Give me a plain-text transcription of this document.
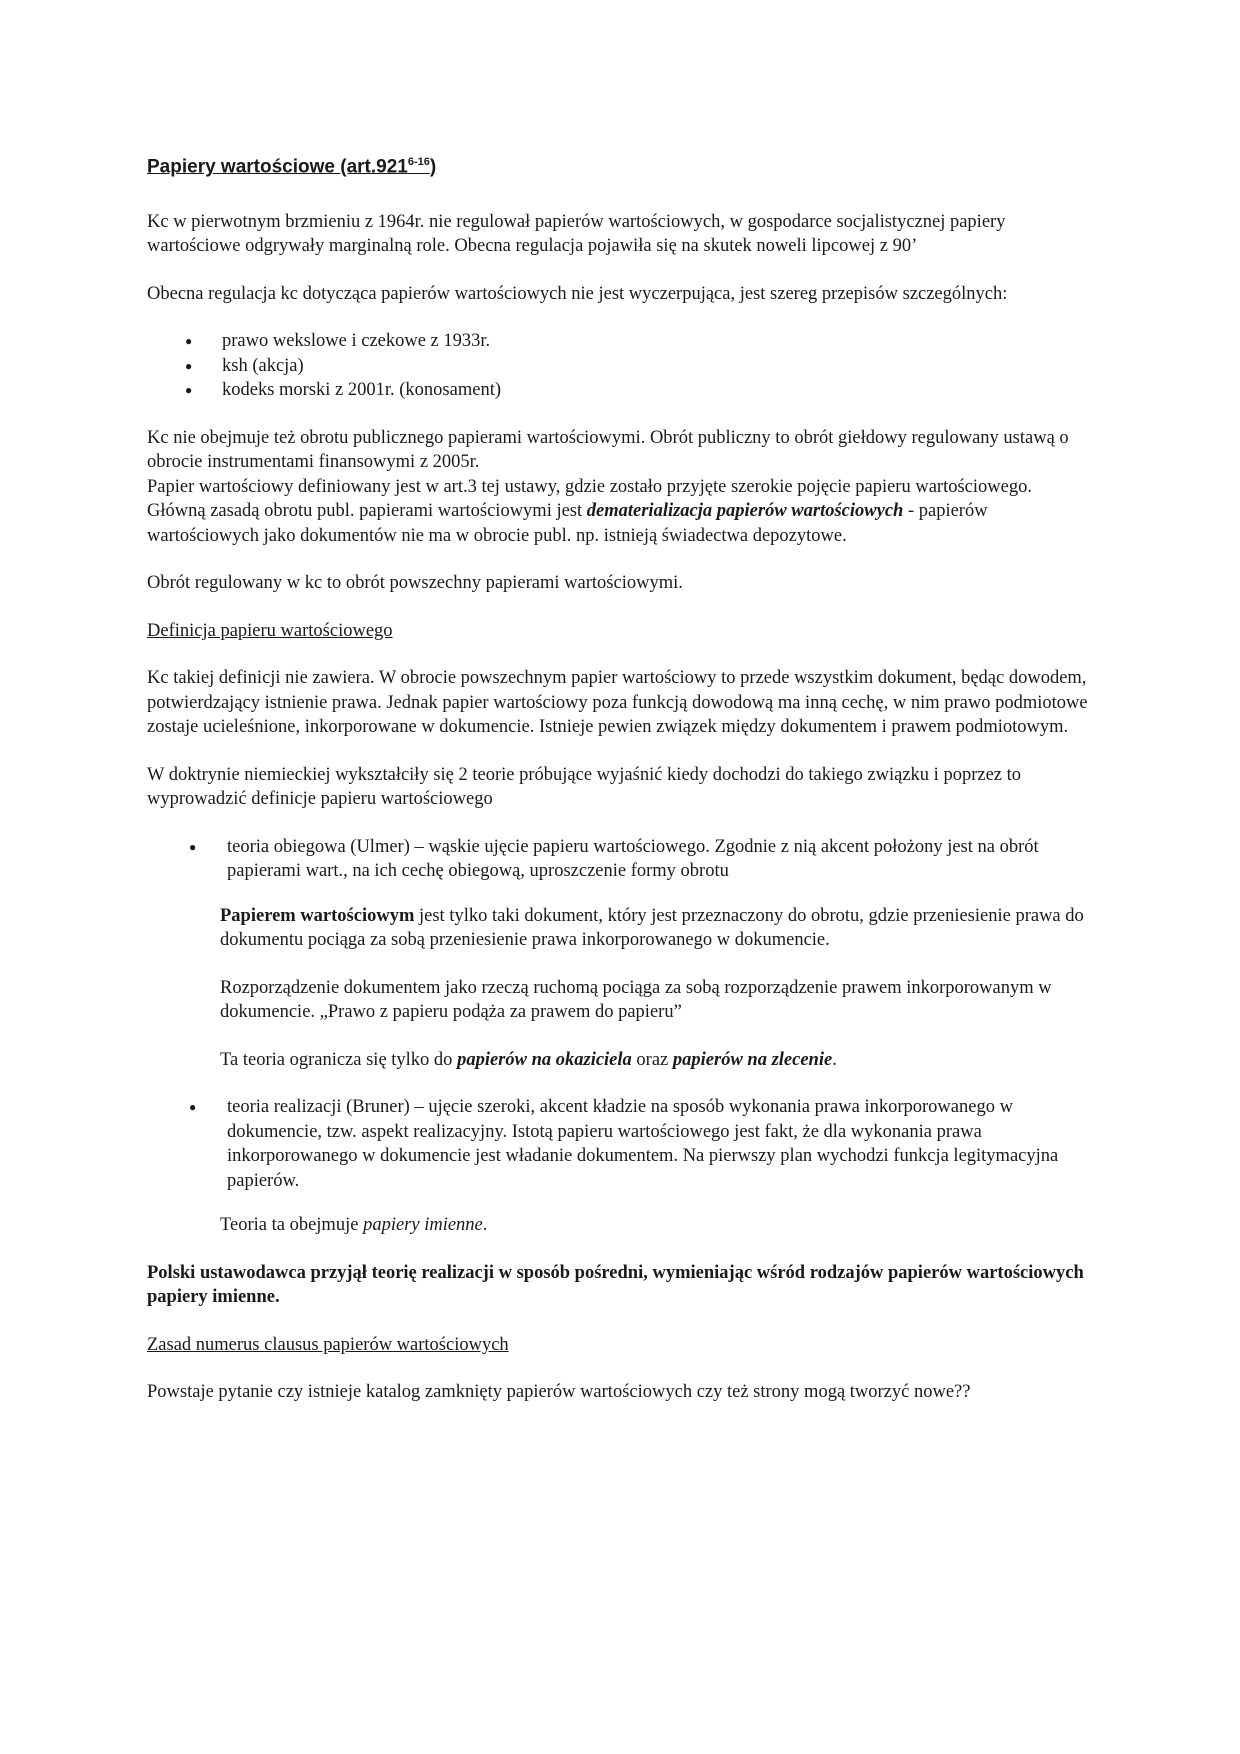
Papiery wartościowe (art.921$^{6-16}$)

Kc w pierwotnym brzmieniu z 1964r. nie regulował papierów wartościowych, w gospodarce socjalistycznej papiery wartościowe odgrywały marginalną role. Obecna regulacja pojawiła się na skutek noweli lipcowej z 90’

Obecna regulacja kc dotycząca papierów wartościowych nie jest wyczerpująca, jest szereg przepisów szczególnych:

● prawo wekslowe i czekowe z 1933r.
● ksh (akcja)
● kodeks morski z 2001r. (konosament)

Kc nie obejmuje też obrotu publicznego papierami wartościowymi. Obrót publiczny to obrót giełdowy regulowany ustawą o obrocie instrumentami finansowymi z 2005r.

Papier wartościowy definiowany jest w art.3 tej ustawy, gdzie zostało przyjęte szerokie pojęcie papieru wartościowego. Główną zasadą obrotu publ. papierami wartościowymi jest dematerializacja papierów wartościowych - papierów wartościowych jako dokumentów nie ma w obrocie publ. np. istnieją świadectwa depozytowe.

Obrót regulowany w kc to obrót powszechny papierami wartościowymi.

Definicja papieru wartościowego

Kc takiej definicji nie zawiera. W obrocie powszechnym papier wartościowy to przede wszystkim dokument, będąc dowodem, potwierdzający istnienie prawa. Jednak papier wartościowy poza funkcją dowodową ma inną cechę, w nim prawo podmiotowe zostaje ucieleśnione, inkorporowane w dokumencie. Istnieje pewien związek między dokumentem i prawem podmiotowym.

W doktrynie niemieckiej wykształciły się 2 teorie próbujące wyjaśnić kiedy dochodzi do takiego związku i poprzez to wyprowadzić definicje papieru wartościowego

● teoria obiegowa (Ulmer) – wąskie ujęcie papieru wartościowego. Zgodnie z nią akcent położony jest na obrót papierami wart., na ich cechę obiegową, uproszczenie formy obrotu

Papierem wartościowym jest tylko taki dokument, który jest przeznaczony do obrotu, gdzie przeniesienie prawa do dokumentu pociąga za sobą przeniesienie prawa inkorporowanego w dokumencie.

Rozporządzenie dokumentem jako rzeczą ruchomą pociąga za sobą rozporządzenie prawem inkorporowanym w dokumencie. „Prawo z papieru podąża za prawem do papieru”

Ta teoria ogranicza się tylko do papierów na okaziciela oraz papierów na zlecenie.

● teoria realizacji (Bruner) – ujęcie szeroki, akcent kładzie na sposób wykonania prawa inkorporowanego w dokumencie, tzw. aspekt realizacyjny. Istotą papieru wartościowego jest fakt, że dla wykonania prawa inkorporowanego w dokumencie jest władanie dokumentem. Na pierwszy plan wychodzi funkcja legitymacyjna papierów.

Teoria ta obejmuje papiery imienne.

Polski ustawodawca przyjął teorię realizacji w sposób pośredni, wymieniając wśród rodzajów papierów wartościowych papiery imienne.

Zasad numerus clausus papierów wartościowych

Powstaje pytanie czy istnieje katalog zamknięty papierów wartościowych czy też strony mogą tworzyć nowe??
